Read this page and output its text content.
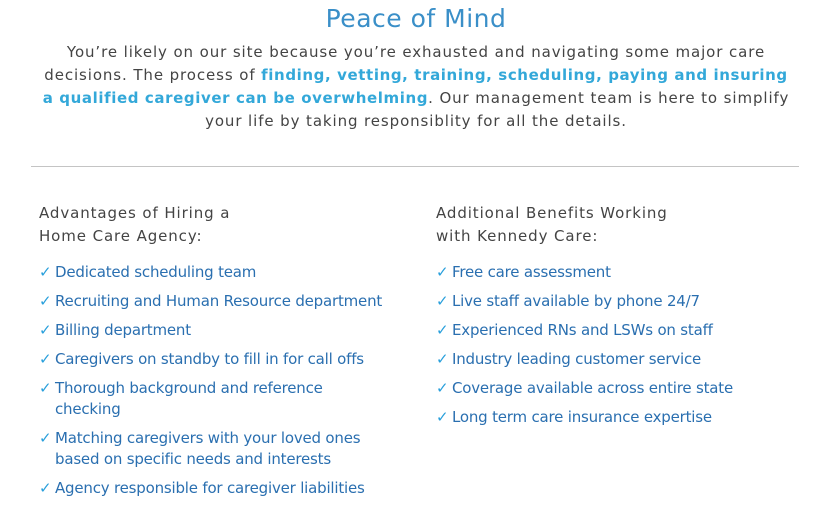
Peace of Mind

You’re likely on our site because you’re exhausted and navigating some major care decisions. The process of finding, vetting, training, scheduling, paying and insuring a qualified caregiver can be overwhelming. Our management team is here to simplify your life by taking responsiblity for all the details.

Advantages of Hiring a
Home Care Agency:
✓ Dedicated scheduling team
✓ Recruiting and Human Resource department
✓ Billing department
✓ Caregivers on standby to fill in for call offs
✓ Thorough background and reference checking
✓ Matching caregivers with your loved ones based on specific needs and interests
✓ Agency responsible for caregiver liabilities
Additional Benefits Working
with Kennedy Care:
✓ Free care assessment
✓ Live staff available by phone 24/7
✓ Experienced RNs and LSWs on staff
✓ Industry leading customer service
✓ Coverage available across entire state
✓ Long term care insurance expertise
